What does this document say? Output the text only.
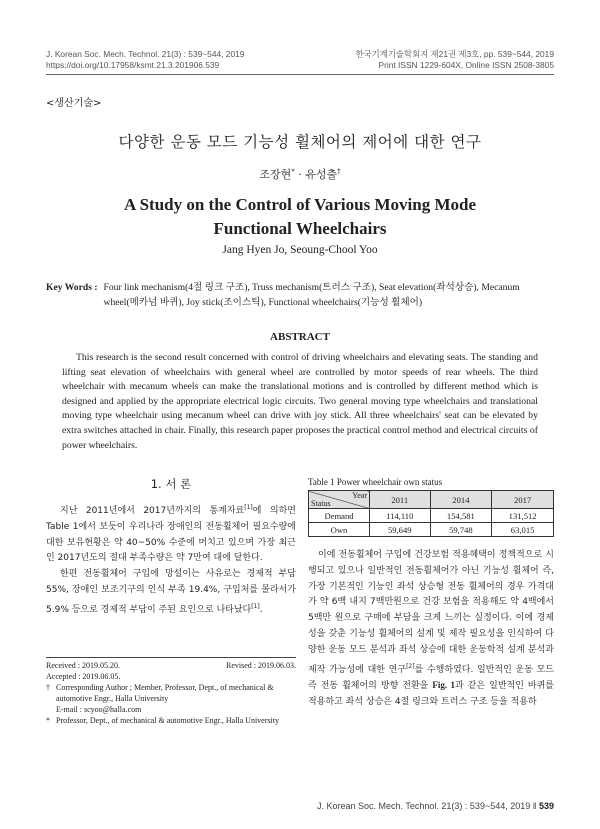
J. Korean Soc. Mech. Technol. 21(3) : 539~544, 2019
https://doi.org/10.17958/ksmt.21.3.201906.539
한국기계기술학회지 제21권 제3호, pp. 539~544, 2019
Print ISSN 1229-604X, Online ISSN 2508-3805
<생산기술>
다양한 운동 모드 기능성 휠체어의 제어에 대한 연구
조장현* · 유성출†
A Study on the Control of Various Moving Mode
Functional Wheelchairs
Jang Hyen Jo, Seoung-Chool Yoo
Key Words : Four link mechanism(4절 링크 구조), Truss mechanism(트러스 구조), Seat elevation(좌석상승), Mecanum wheel(메카넘 바퀴), Joy stick(조이스틱), Functional wheelchairs(기능성 휠체어)
ABSTRACT

This research is the second result concerned with control of driving wheelchairs and elevating seats. The standing and lifting seat elevation of wheelchairs with general wheel are controlled by motor speeds of rear wheels. The third wheelchair with mecanum wheels can make the translational motions and is controlled by different method which is designed and applied by the appropriate electrical logic circuits. Two general moving type wheelchairs and translational moving type wheelchair using mecanum wheel can drive with joy stick. All three wheelchairs' seat can be elevated by extra switches attached in chair. Finally, this research paper proposes the practical control method and electrical circuits of power wheelchairs.

1. 서 론

지난 2011년에서 2017년까지의 통계자료[1]에 의하면 Table 1에서 보듯이 우리나라 장애인의 전동휠체어 필요수량에 대한 보유현황은 약 40~50% 수준에 머치고 있으며 가장 최근인 2017년도의 절대 부족수량은 약 7만여 대에 달한다.

한편 전동휠체어 구입에 망설이는 사유로는 경제적 부담 55%, 장애인 보조기구의 인식 부족 19.4%, 구입처를 몰라서가 5.9% 등으로 경제적 부담이 주된 요인으로 나타났다[1].

Received : 2019.05.20.	Revised : 2019.06.03.
Accepted : 2019.06.05.
† Corresponding Author ; Member, Professor, Dept., of mechanical & automotive Engr., Halla University
E-mail : scyoo@halla.com
* Professor, Dept., of mechanical & automotive Engr., Halla University
Table 1 Power wheelchair own status
Year
Status	2011	2014	2017
Demand	114,110	154,581	131,512
Own	59,649	59,748	63,015

이에 전동휠체어 구입에 건강보험 적용혜택이 정책적으로 시행되고 있으나 일반적인 전동휠체어가 아닌 기능성 휠체어 즉, 가장 기본적인 기능인 좌석 상승형 전동 휠체어의 경우 가격대가 약 6백 내지 7백만원으로 건강 보험을 적용해도 약 4백에서 5백만 원으로 구매에 부담을 크게 느끼는 실정이다. 이에 경제성을 갖춘 기능성 휠체어의 설계 및 제작 필요성을 인식하여 다양한 운동 모드 분석과 좌석 상승에 대한 운동학적 설계 분석과 제작 가능성에 대한 연구[2]를 수행하였다. 일반적인 운동 모드 즉 전동 휠체어의 방향 전환을 Fig. 1과 같은 일반적인 바퀴를 적용하고 좌석 상승은 4절 링크와 트러스 구조 등을 적용하

J. Korean Soc. Mech. Technol. 21(3) : 539~544, 2019 ‖ 539
